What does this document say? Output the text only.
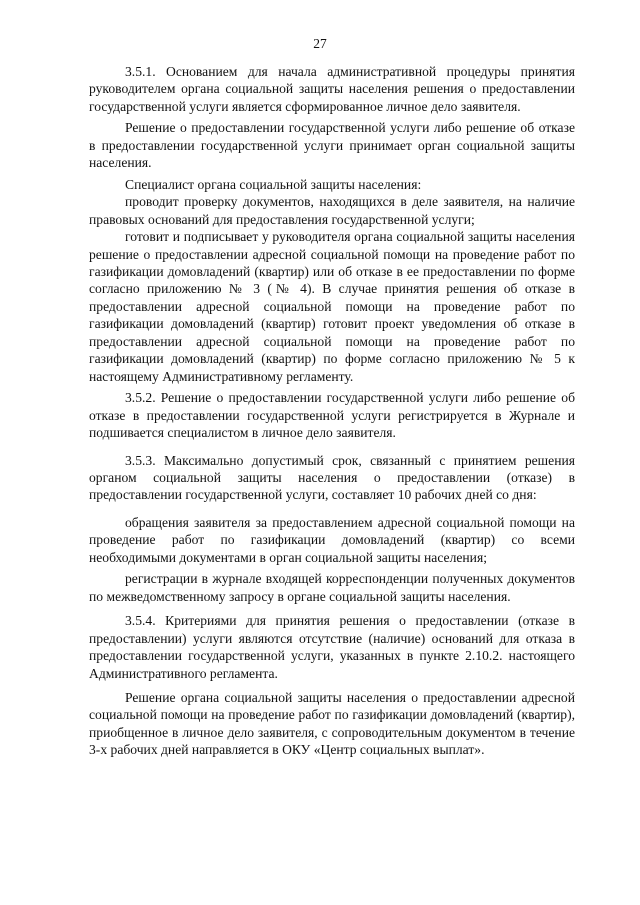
27

3.5.1. Основанием для начала административной процедуры принятия руководителем органа социальной защиты населения решения о предоставлении государственной услуги является сформированное личное дело заявителя.

Решение о предоставлении государственной услуги либо решение об отказе в предоставлении государственной услуги принимает орган социальной защиты населения.

Специалист органа социальной защиты населения:

проводит проверку документов, находящихся в деле заявителя, на наличие правовых оснований для предоставления государственной услуги;

готовит и подписывает у руководителя органа социальной защиты населения решение о предоставлении адресной социальной помощи на проведение работ по газификации домовладений (квартир) или об отказе в ее предоставлении по форме согласно приложению № 3 (№ 4). В случае принятия решения об отказе в предоставлении адресной социальной помощи на проведение работ по газификации домовладений (квартир) готовит проект уведомления об отказе в предоставлении адресной социальной помощи на проведение работ по газификации домовладений (квартир) по форме согласно приложению № 5 к настоящему Административному регламенту.

3.5.2. Решение о предоставлении государственной услуги либо решение об отказе в предоставлении государственной услуги регистрируется в Журнале и подшивается специалистом в личное дело заявителя.

3.5.3. Максимально допустимый срок, связанный с принятием решения органом социальной защиты населения о предоставлении (отказе) в предоставлении государственной услуги, составляет 10 рабочих дней со дня:

обращения заявителя за предоставлением адресной социальной помощи на проведение работ по газификации домовладений (квартир) со всеми необходимыми документами в орган социальной защиты населения;

регистрации в журнале входящей корреспонденции полученных документов по межведомственному запросу в органе социальной защиты населения.

3.5.4. Критериями для принятия решения о предоставлении (отказе в предоставлении) услуги являются отсутствие (наличие) оснований для отказа в предоставлении государственной услуги, указанных в пункте 2.10.2. настоящего Административного регламента.

Решение органа социальной защиты населения о предоставлении адресной социальной помощи на проведение работ по газификации домовладений (квартир), приобщенное в личное дело заявителя, с сопроводительным документом в течение 3-х рабочих дней направляется в ОКУ «Центр социальных выплат».
